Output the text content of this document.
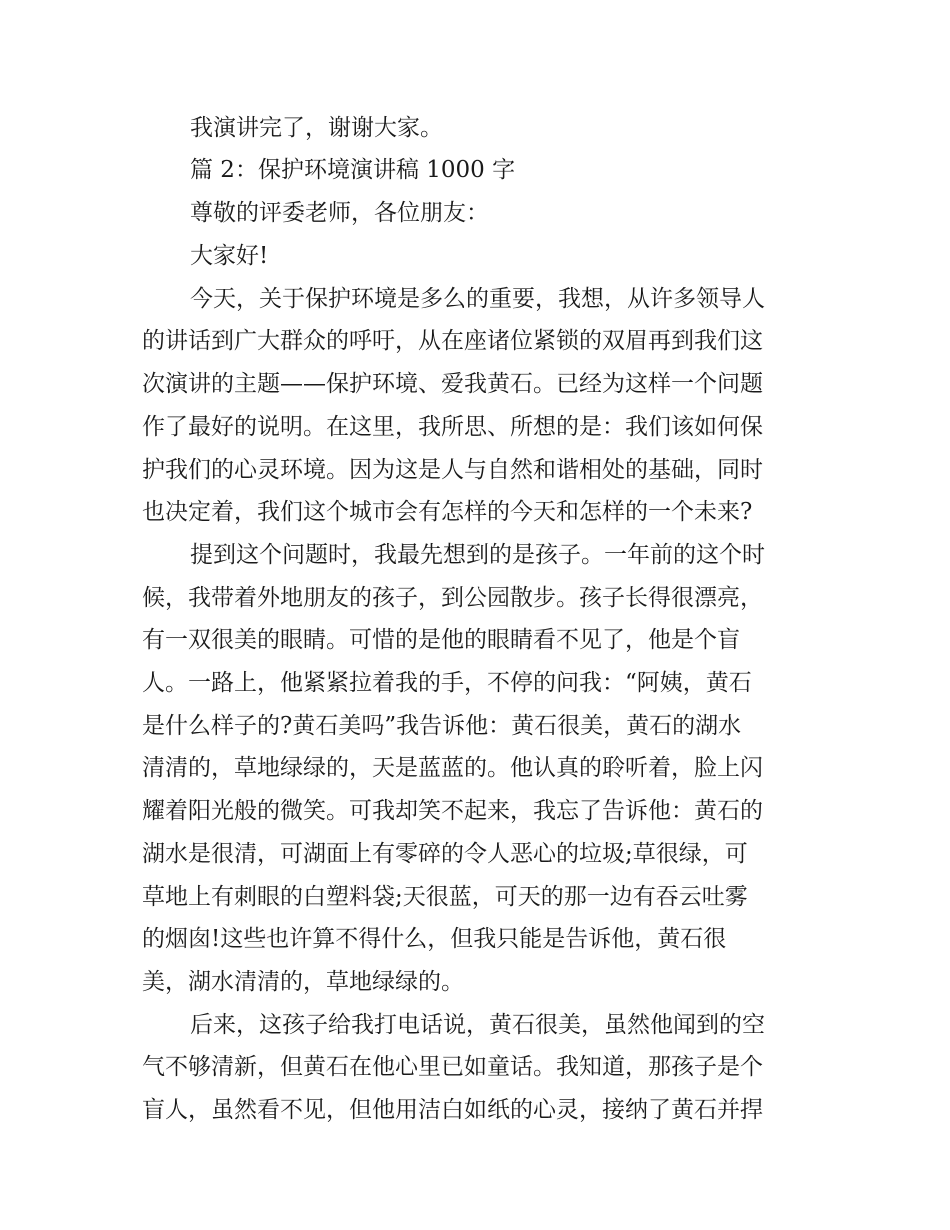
我演讲完了，谢谢大家。
篇 2：保护环境演讲稿 1000 字
尊敬的评委老师，各位朋友：
大家好!
今天，关于保护环境是多么的重要，我想，从许多领导人
的讲话到广大群众的呼吁，从在座诸位紧锁的双眉再到我们这
次演讲的主题——保护环境、爱我黄石。已经为这样一个问题
作了最好的说明。在这里，我所思、所想的是：我们该如何保
护我们的心灵环境。因为这是人与自然和谐相处的基础，同时
也决定着，我们这个城市会有怎样的今天和怎样的一个未来?
提到这个问题时，我最先想到的是孩子。一年前的这个时
候，我带着外地朋友的孩子，到公园散步。孩子长得很漂亮，
有一双很美的眼睛。可惜的是他的眼睛看不见了，他是个盲
人。一路上，他紧紧拉着我的手，不停的问我：“阿姨，黄石
是什么样子的?黄石美吗”我告诉他：黄石很美，黄石的湖水
清清的，草地绿绿的，天是蓝蓝的。他认真的聆听着，脸上闪
耀着阳光般的微笑。可我却笑不起来，我忘了告诉他：黄石的
湖水是很清，可湖面上有零碎的令人恶心的垃圾;草很绿，可
草地上有刺眼的白塑料袋;天很蓝，可天的那一边有吞云吐雾
的烟囱!这些也许算不得什么，但我只能是告诉他，黄石很
美，湖水清清的，草地绿绿的。
后来，这孩子给我打电话说，黄石很美，虽然他闻到的空
气不够清新，但黄石在他心里已如童话。我知道，那孩子是个
盲人，虽然看不见，但他用洁白如纸的心灵，接纳了黄石并捍
